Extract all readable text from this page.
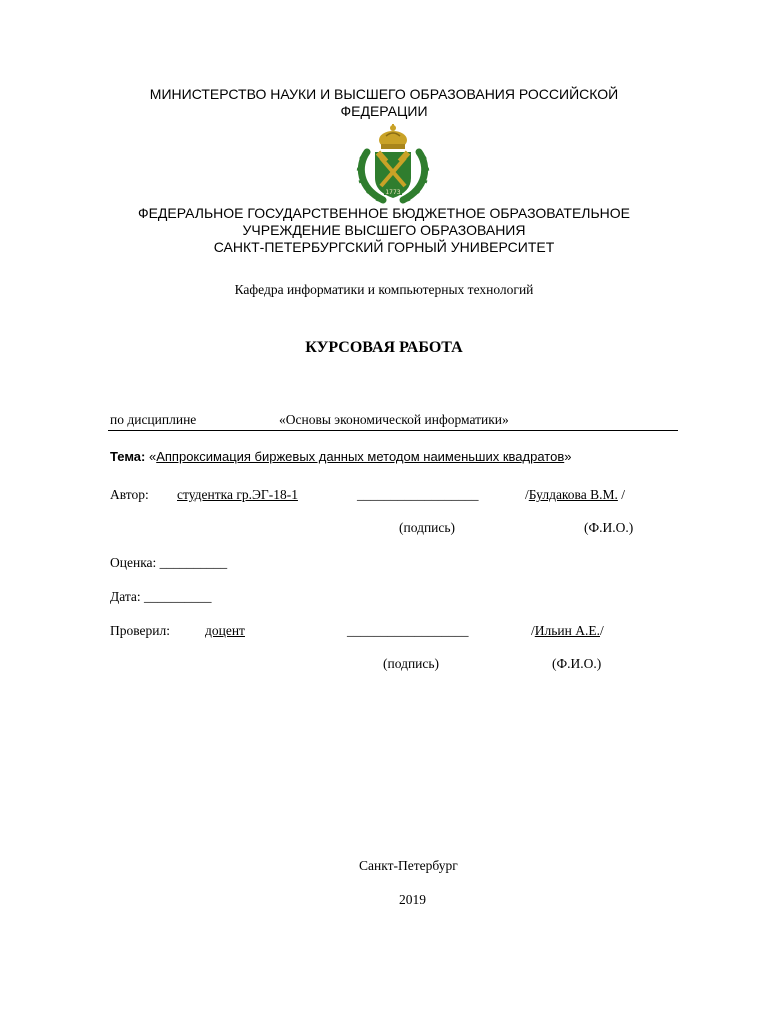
МИНИСТЕРСТВО НАУКИ И ВЫСШЕГО ОБРАЗОВАНИЯ РОССИЙСКОЙ
ФЕДЕРАЦИИ
1773
ФЕДЕРАЛЬНОЕ ГОСУДАРСТВЕННОЕ БЮДЖЕТНОЕ ОБРАЗОВАТЕЛЬНОЕ
УЧРЕЖДЕНИЕ ВЫСШЕГО ОБРАЗОВАНИЯ
САНКТ-ПЕТЕРБУРГСКИЙ ГОРНЫЙ УНИВЕРСИТЕТ
Кафедра информатики и компьютерных технологий
КУРСОВАЯ РАБОТА
по дисциплине	«Основы экономической информатики»
Тема: «Аппроксимация биржевых данных методом наименьших квадратов»
Автор: студентка гр.ЭГ-18-1	__________________	/Булдакова В.М. /
(подпись)	(Ф.И.О.)
Оценка: __________
Дата: __________
Проверил:	доцент	__________________	/Ильин А.Е./
(подпись)	(Ф.И.О.)
Санкт-Петербург
2019
